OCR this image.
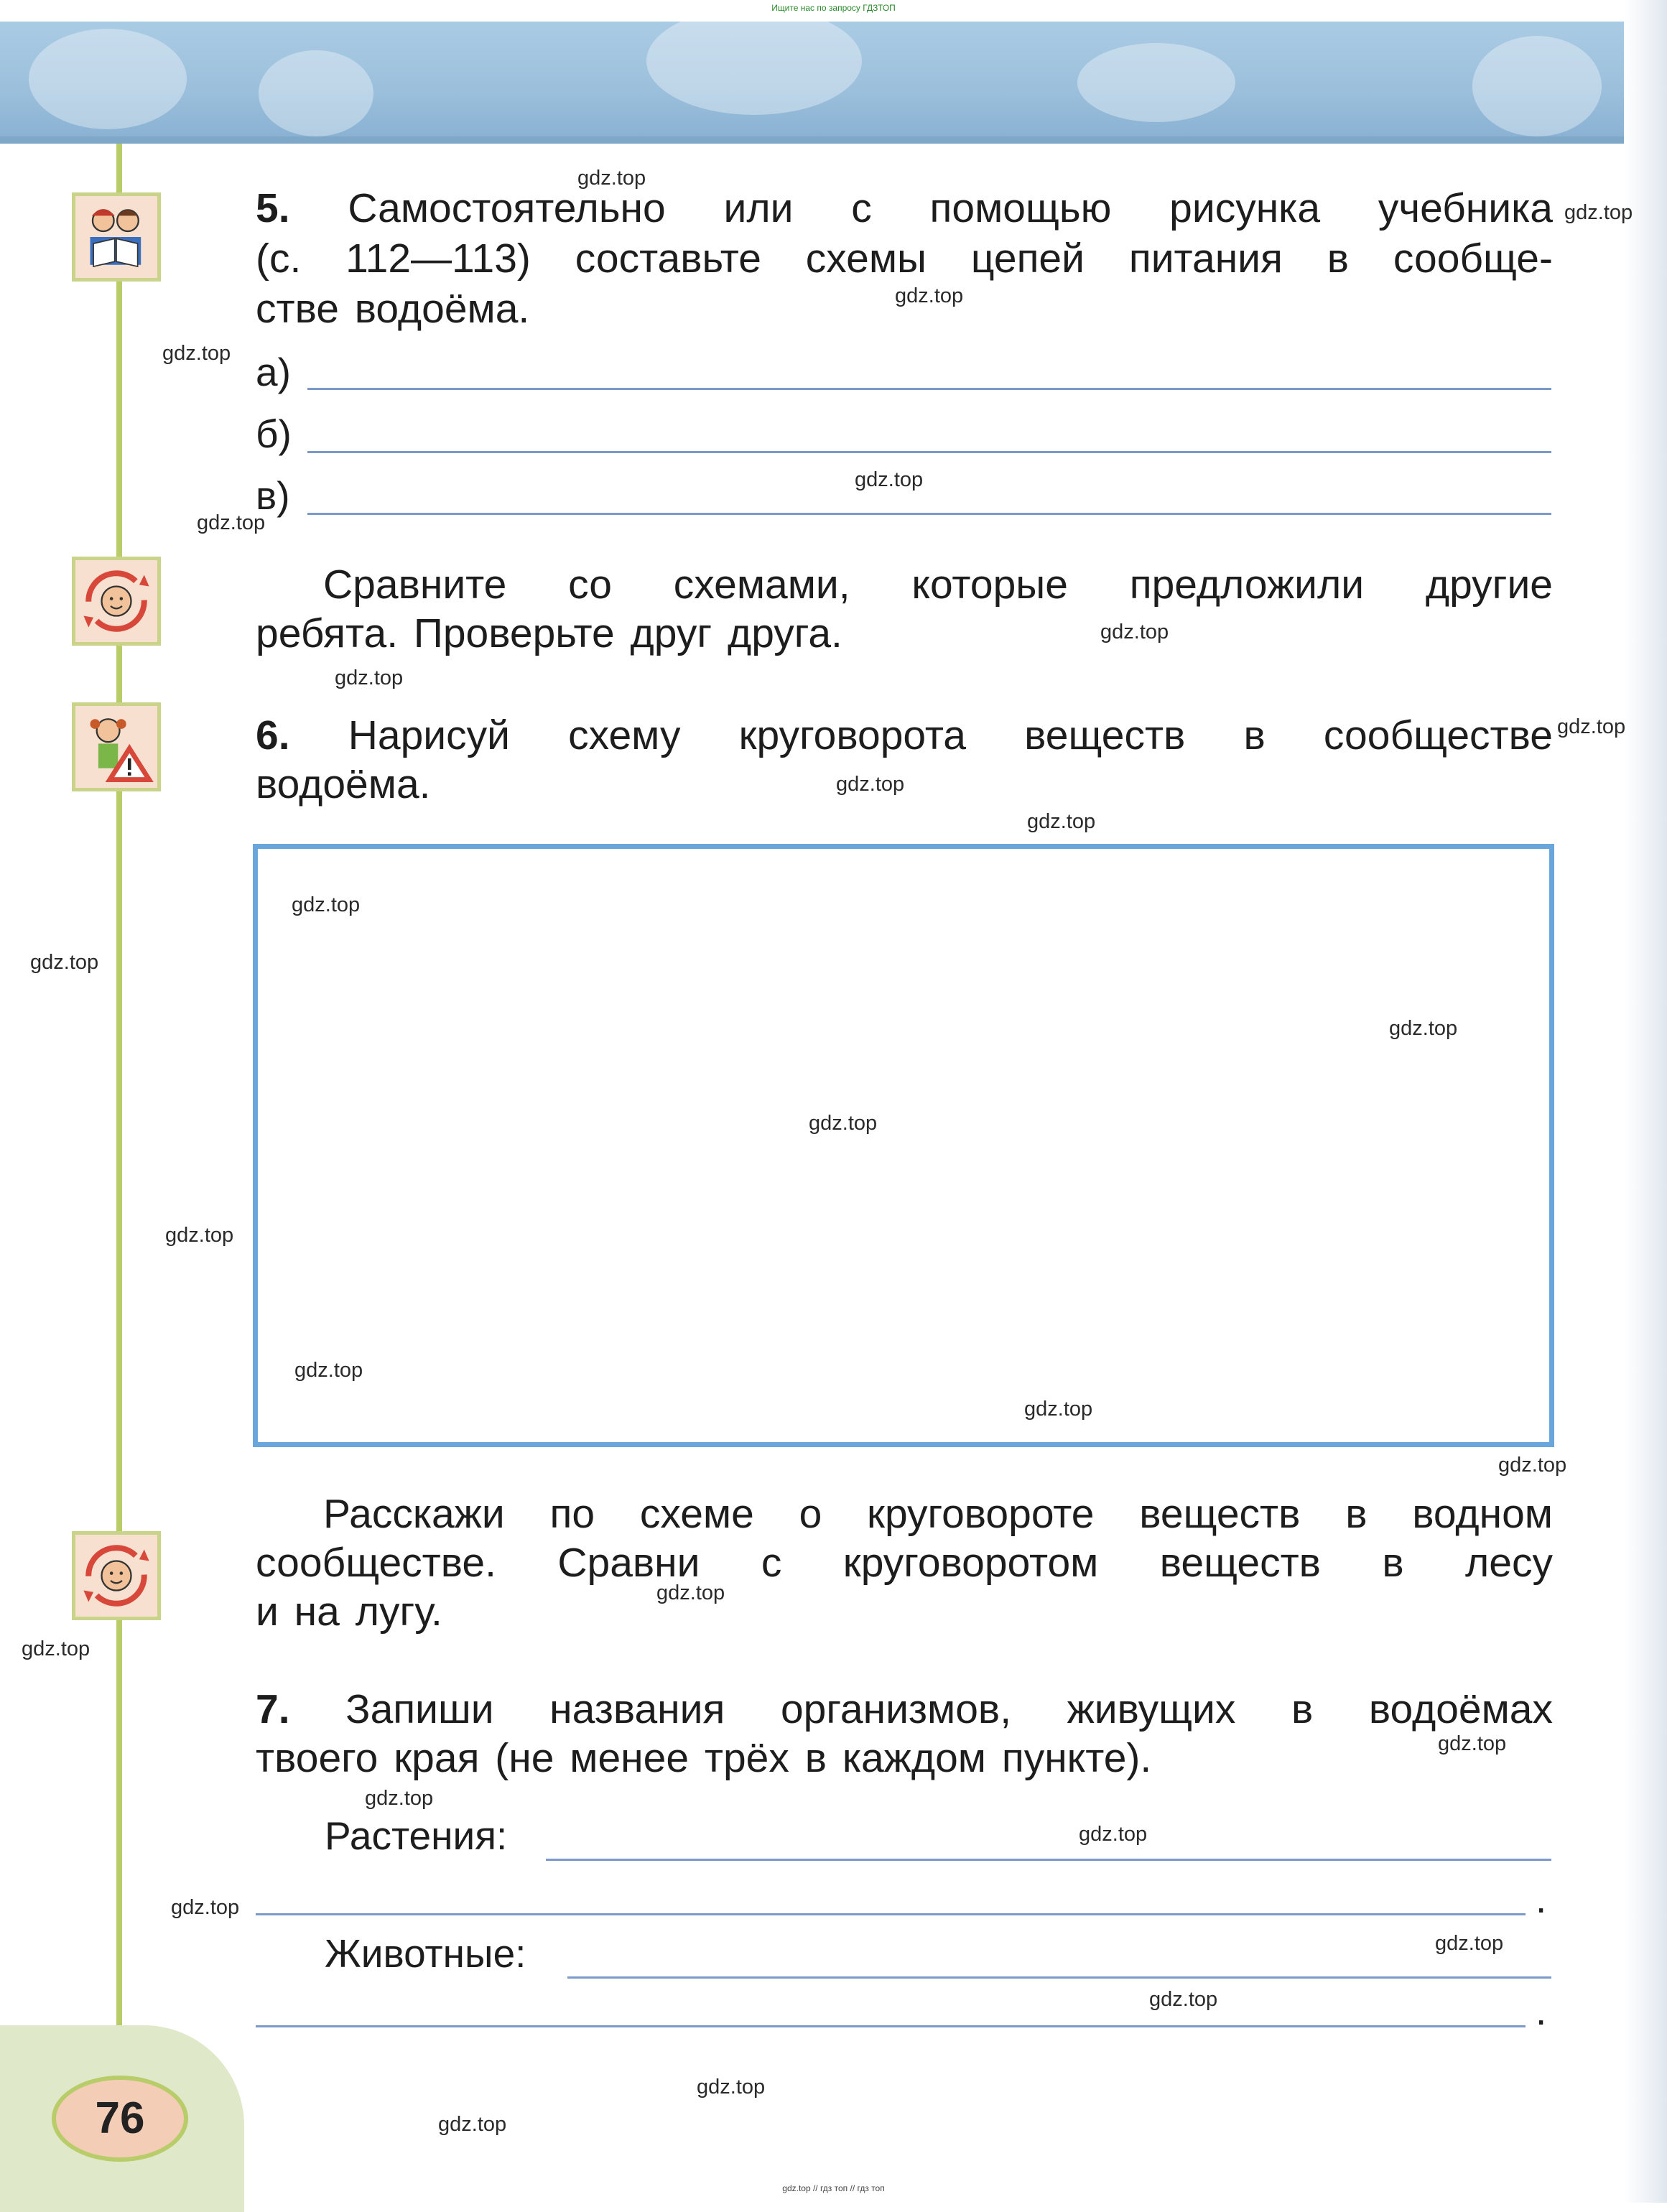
Ищите нас по запросу ГДЗТОП
76
5. Самостоятельно или с помощью рисунка учебника
(с. 112—113) составьте схемы цепей питания в сообще-
стве водоёма.
а)
б)
в)
Сравните со схемами, которые предложили другие
ребята. Проверьте друг друга.
6. Нарисуй схему круговорота веществ в сообществе
водоёма.
Расскажи по схеме о круговороте веществ в водном
сообществе. Сравни с круговоротом веществ в лесу
и на лугу.
7. Запиши названия организмов, живущих в водоёмах
твоего края (не менее трёх в каждом пункте).
Растения:
.
Животные:
.
gdz.top
gdz.top
gdz.top
gdz.top
gdz.top
gdz.top
gdz.top
gdz.top
gdz.top
gdz.top
gdz.top
gdz.top
gdz.top
gdz.top
gdz.top
gdz.top
gdz.top
gdz.top
gdz.top
gdz.top
gdz.top
gdz.top
gdz.top
gdz.top
gdz.top
gdz.top
gdz.top
gdz.top
gdz.top
gdz.top // гдз топ // гдз топ
